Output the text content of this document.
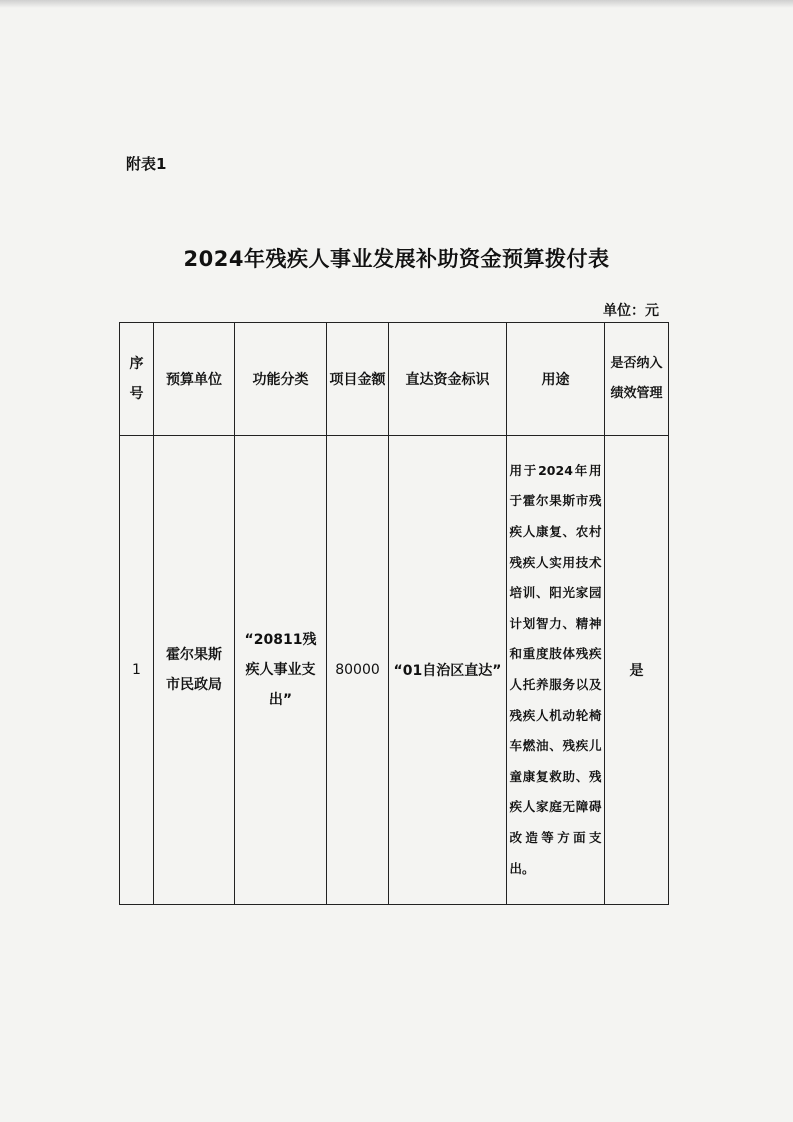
附表1
2024年残疾人事业发展补助资金预算拨付表
单位：元
序号	预算单位	功能分类	项目金额	直达资金标识	用途	是否纳入绩效管理

1	霍尔果斯市民政局	“20811残疾人事业支出”	80000	“01自治区直达”	用于2024年用于霍尔果斯市残疾人康复、农村残疾人实用技术培训、阳光家园计划智力、精神和重度肢体残疾人托养服务以及残疾人机动轮椅车燃油、残疾儿童康复救助、残疾人家庭无障碍改造等方面支出。	是
